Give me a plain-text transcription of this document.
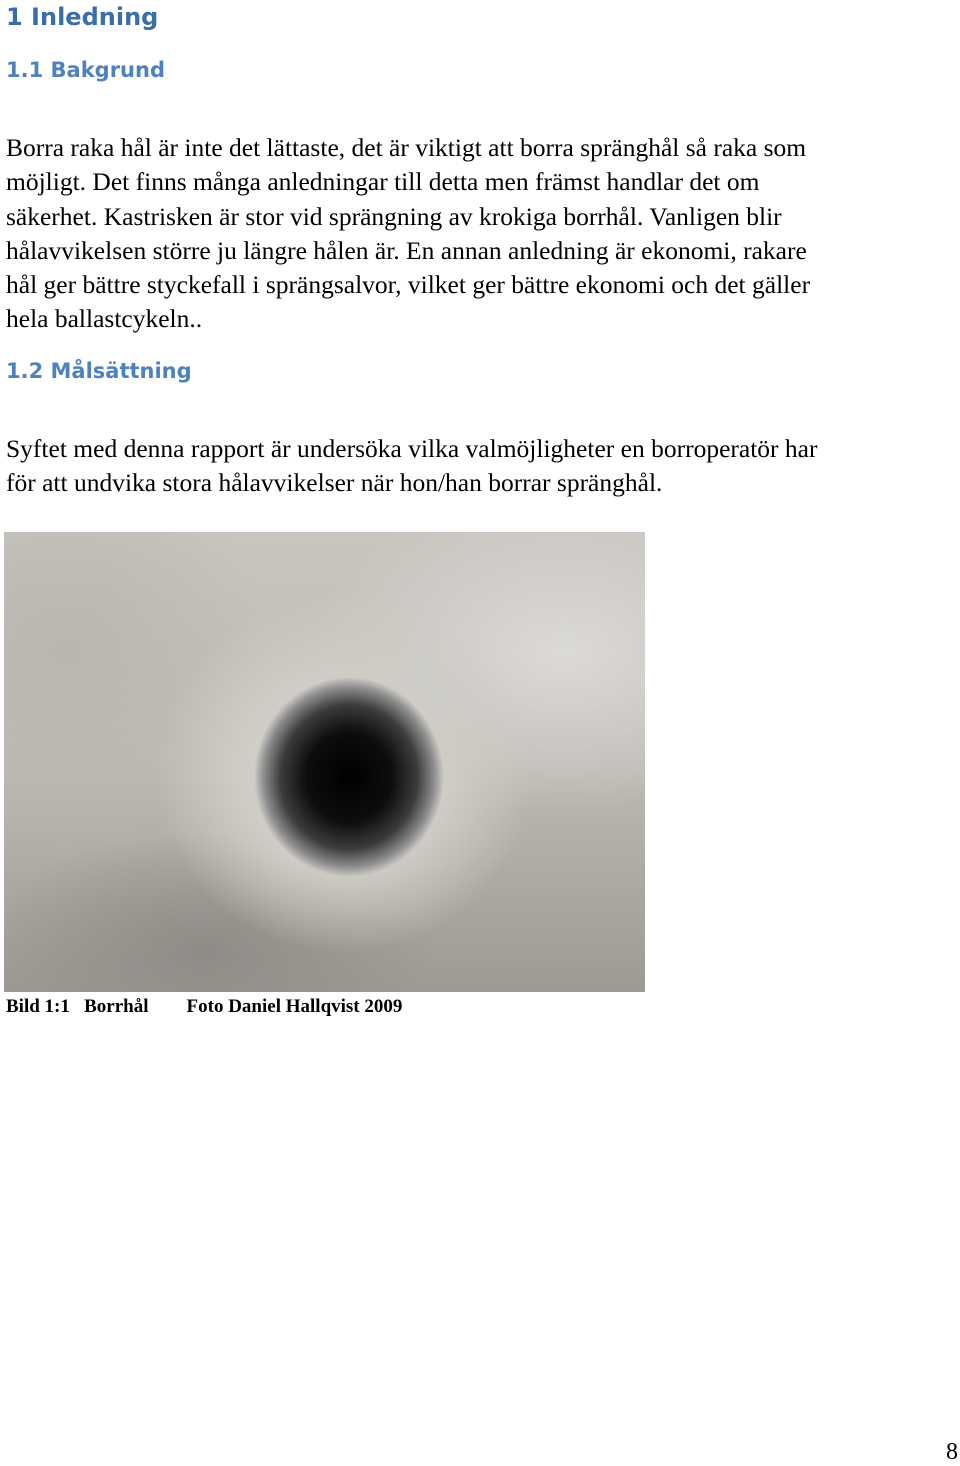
1 Inledning
1.1 Bakgrund

Borra raka hål är inte det lättaste, det är viktigt att borra spränghål så raka som
möjligt. Det finns många anledningar till detta men främst handlar det om
säkerhet. Kastrisken är stor vid sprängning av krokiga borrhål. Vanligen blir
hålavvikelsen större ju längre hålen är. En annan anledning är ekonomi, rakare
hål ger bättre styckefall i sprängsalvor, vilket ger bättre ekonomi och det gäller
hela ballastcykeln..

1.2 Målsättning

Syftet med denna rapport är undersöka vilka valmöjligheter en borroperatör har
för att undvika stora hålavvikelser när hon/han borrar spränghål.

Bild 1:1 Borrhål Foto Daniel Hallqvist 2009
8
